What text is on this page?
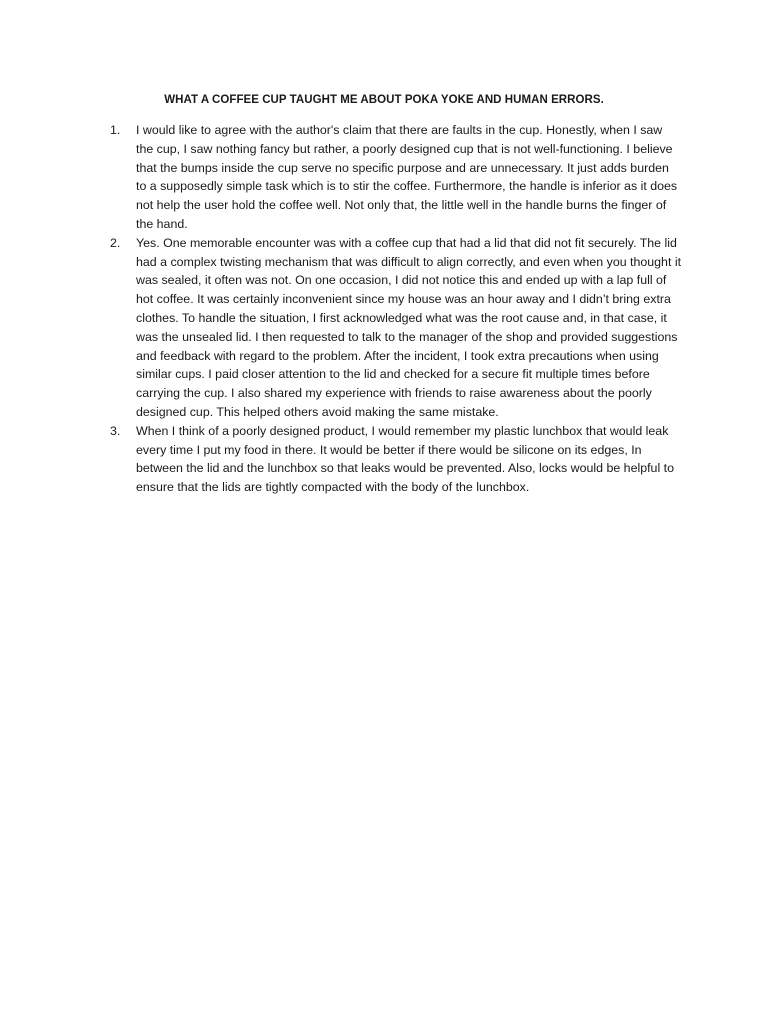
WHAT A COFFEE CUP TAUGHT ME ABOUT POKA YOKE AND HUMAN ERRORS.
1. I would like to agree with the author's claim that there are faults in the cup. Honestly, when I saw the cup, I saw nothing fancy but rather, a poorly designed cup that is not well-functioning. I believe that the bumps inside the cup serve no specific purpose and are unnecessary. It just adds burden to a supposedly simple task which is to stir the coffee. Furthermore, the handle is inferior as it does not help the user hold the coffee well. Not only that, the little well in the handle burns the finger of the hand.
2. Yes. One memorable encounter was with a coffee cup that had a lid that did not fit securely. The lid had a complex twisting mechanism that was difficult to align correctly, and even when you thought it was sealed, it often was not. On one occasion, I did not notice this and ended up with a lap full of hot coffee. It was certainly inconvenient since my house was an hour away and I didn’t bring extra clothes. To handle the situation, I first acknowledged what was the root cause and, in that case, it was the unsealed lid. I then requested to talk to the manager of the shop and provided suggestions and feedback with regard to the problem. After the incident, I took extra precautions when using similar cups. I paid closer attention to the lid and checked for a secure fit multiple times before carrying the cup. I also shared my experience with friends to raise awareness about the poorly designed cup. This helped others avoid making the same mistake.
3. When I think of a poorly designed product, I would remember my plastic lunchbox that would leak every time I put my food in there. It would be better if there would be silicone on its edges, In between the lid and the lunchbox so that leaks would be prevented. Also, locks would be helpful to ensure that the lids are tightly compacted with the body of the lunchbox.
